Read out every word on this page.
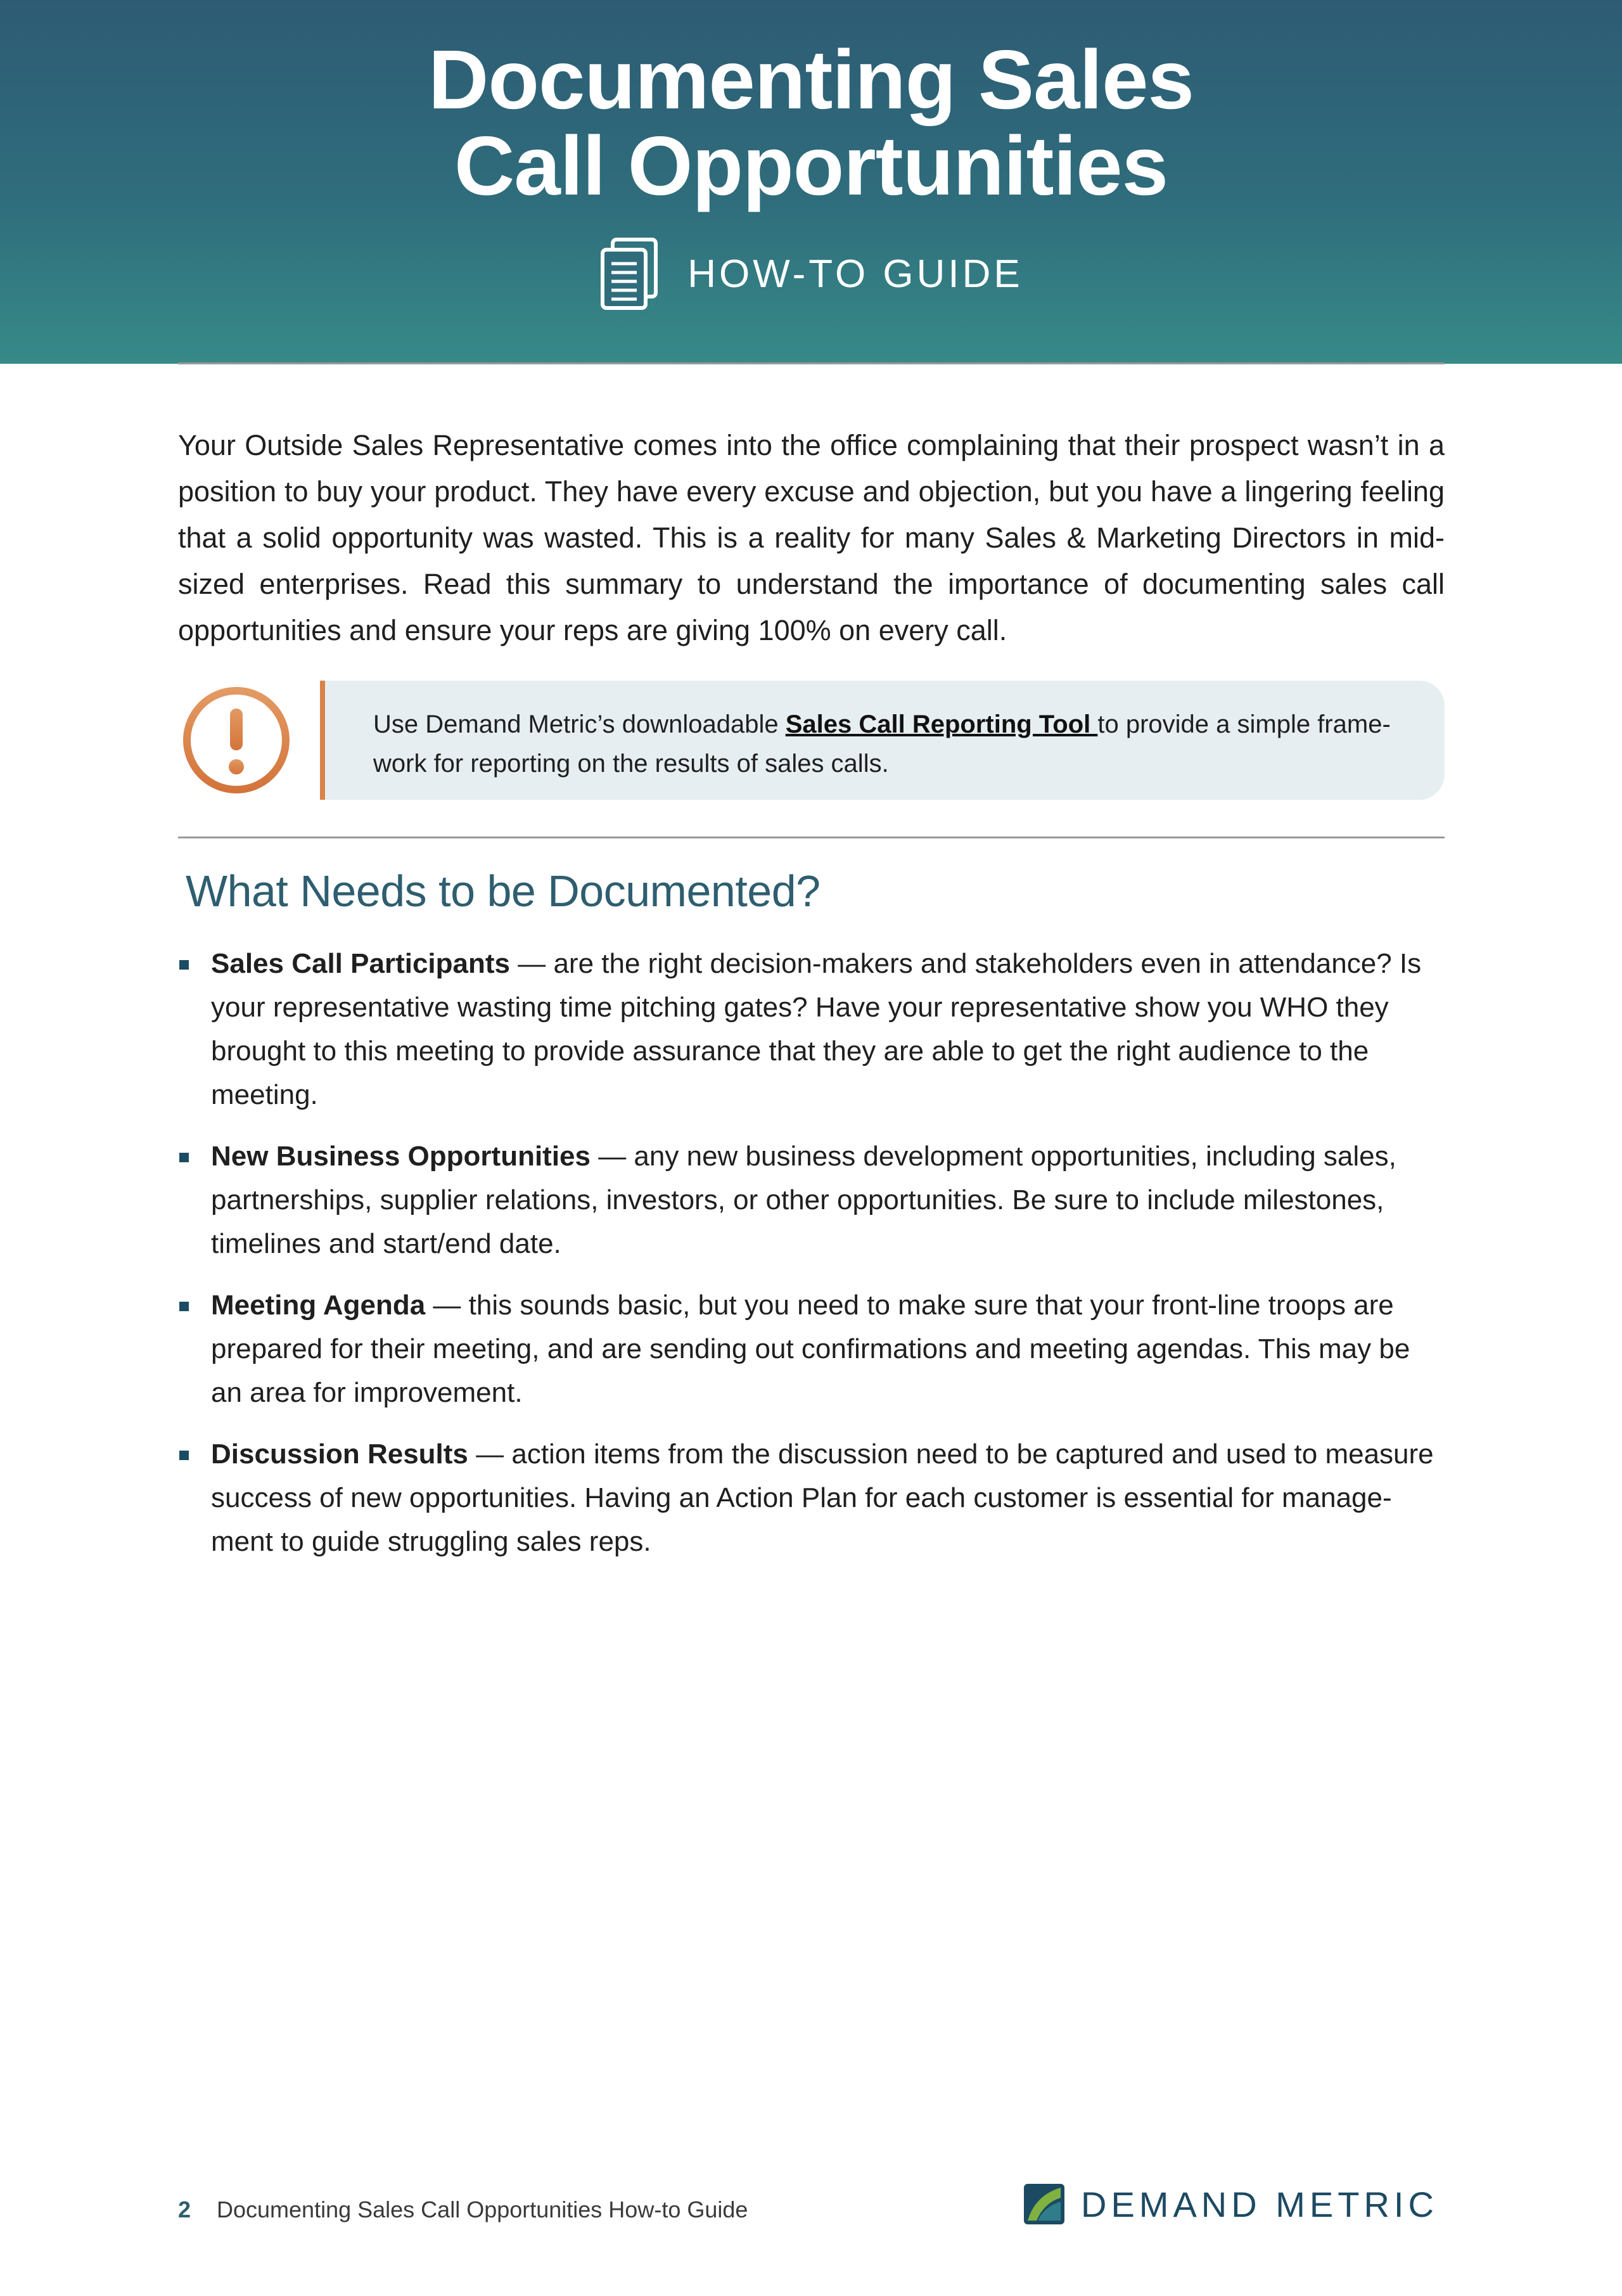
Documenting Sales
Call Opportunities
HOW-TO GUIDE

Your Outside Sales Representative comes into the office complaining that their prospect wasn’t in a position to buy your product. They have every excuse and objection, but you have a lingering feeling that a solid opportunity was wasted. This is a reality for many Sales & Marketing Directors in mid-sized enterprises. Read this summary to understand the importance of documenting sales call opportunities and ensure your reps are giving 100% on every call.

Use Demand Metric’s downloadable Sales Call Reporting Tool to provide a simple frame-work for reporting on the results of sales calls.
What Needs to be Documented?
Sales Call Participants — are the right decision-makers and stakeholders even in attendance? Is your representative wasting time pitching gates? Have your representative show you WHO they brought to this meeting to provide assurance that they are able to get the right audience to the meeting.
New Business Opportunities — any new business development opportunities, including sales, partnerships, supplier relations, investors, or other opportunities. Be sure to include milestones, timelines and start/end date.
Meeting Agenda — this sounds basic, but you need to make sure that your front-line troops are prepared for their meeting, and are sending out confirmations and meeting agendas. This may be an area for improvement.
Discussion Results — action items from the discussion need to be captured and used to measure success of new opportunities. Having an Action Plan for each customer is essential for manage-ment to guide struggling sales reps.
2 Documenting Sales Call Opportunities How-to Guide	DEMAND METRIC
